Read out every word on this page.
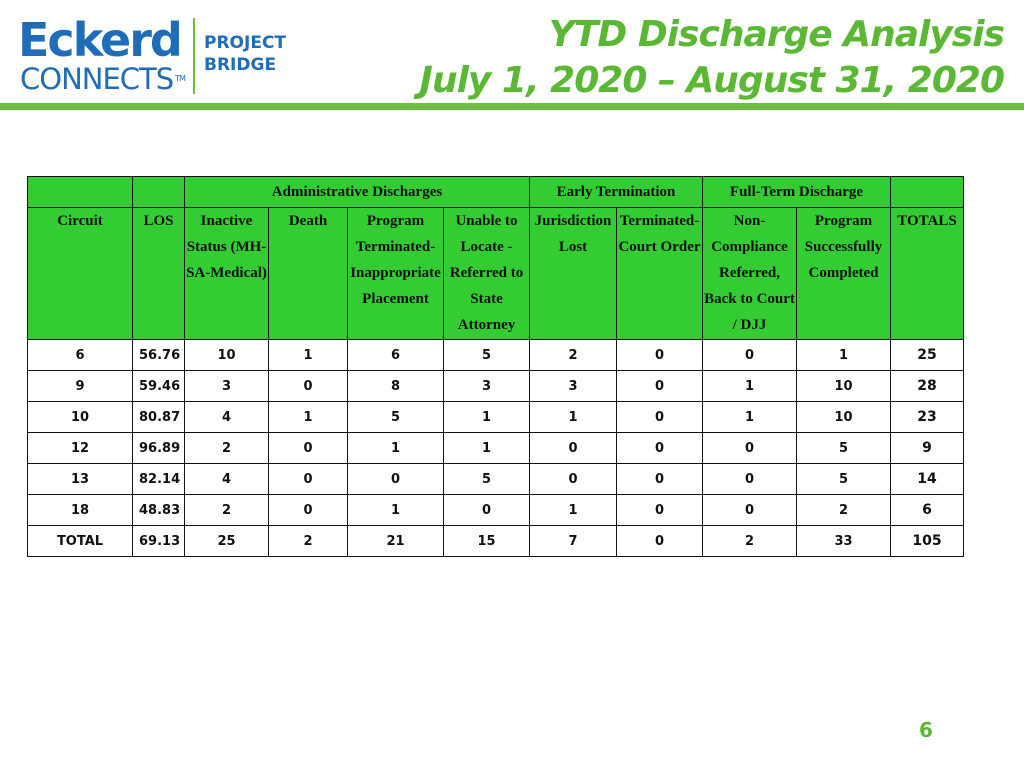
Eckerd
CONNECTS TM
PROJECT
BRIDGE
YTD Discharge Analysis
July 1, 2020 – August 31, 2020
		Administrative Discharges				Early Termination		Full-Term Discharge		
Circuit	LOS	Inactive Status (MH-SA-Medical)	Death	Program Terminated-Inappropriate Placement	Unable to Locate - Referred to State Attorney	Jurisdiction Lost	Terminated-Court Order	Non-Compliance Referred, Back to Court / DJJ	Program Successfully Completed	TOTALS
6	56.76	10	1	6	5	2	0	0	1	25
9	59.46	3	0	8	3	3	0	1	10	28
10	80.87	4	1	5	1	1	0	1	10	23
12	96.89	2	0	1	1	0	0	0	5	9
13	82.14	4	0	0	5	0	0	0	5	14
18	48.83	2	0	1	0	1	0	0	2	6
TOTAL	69.13	25	2	21	15	7	0	2	33	105
6
